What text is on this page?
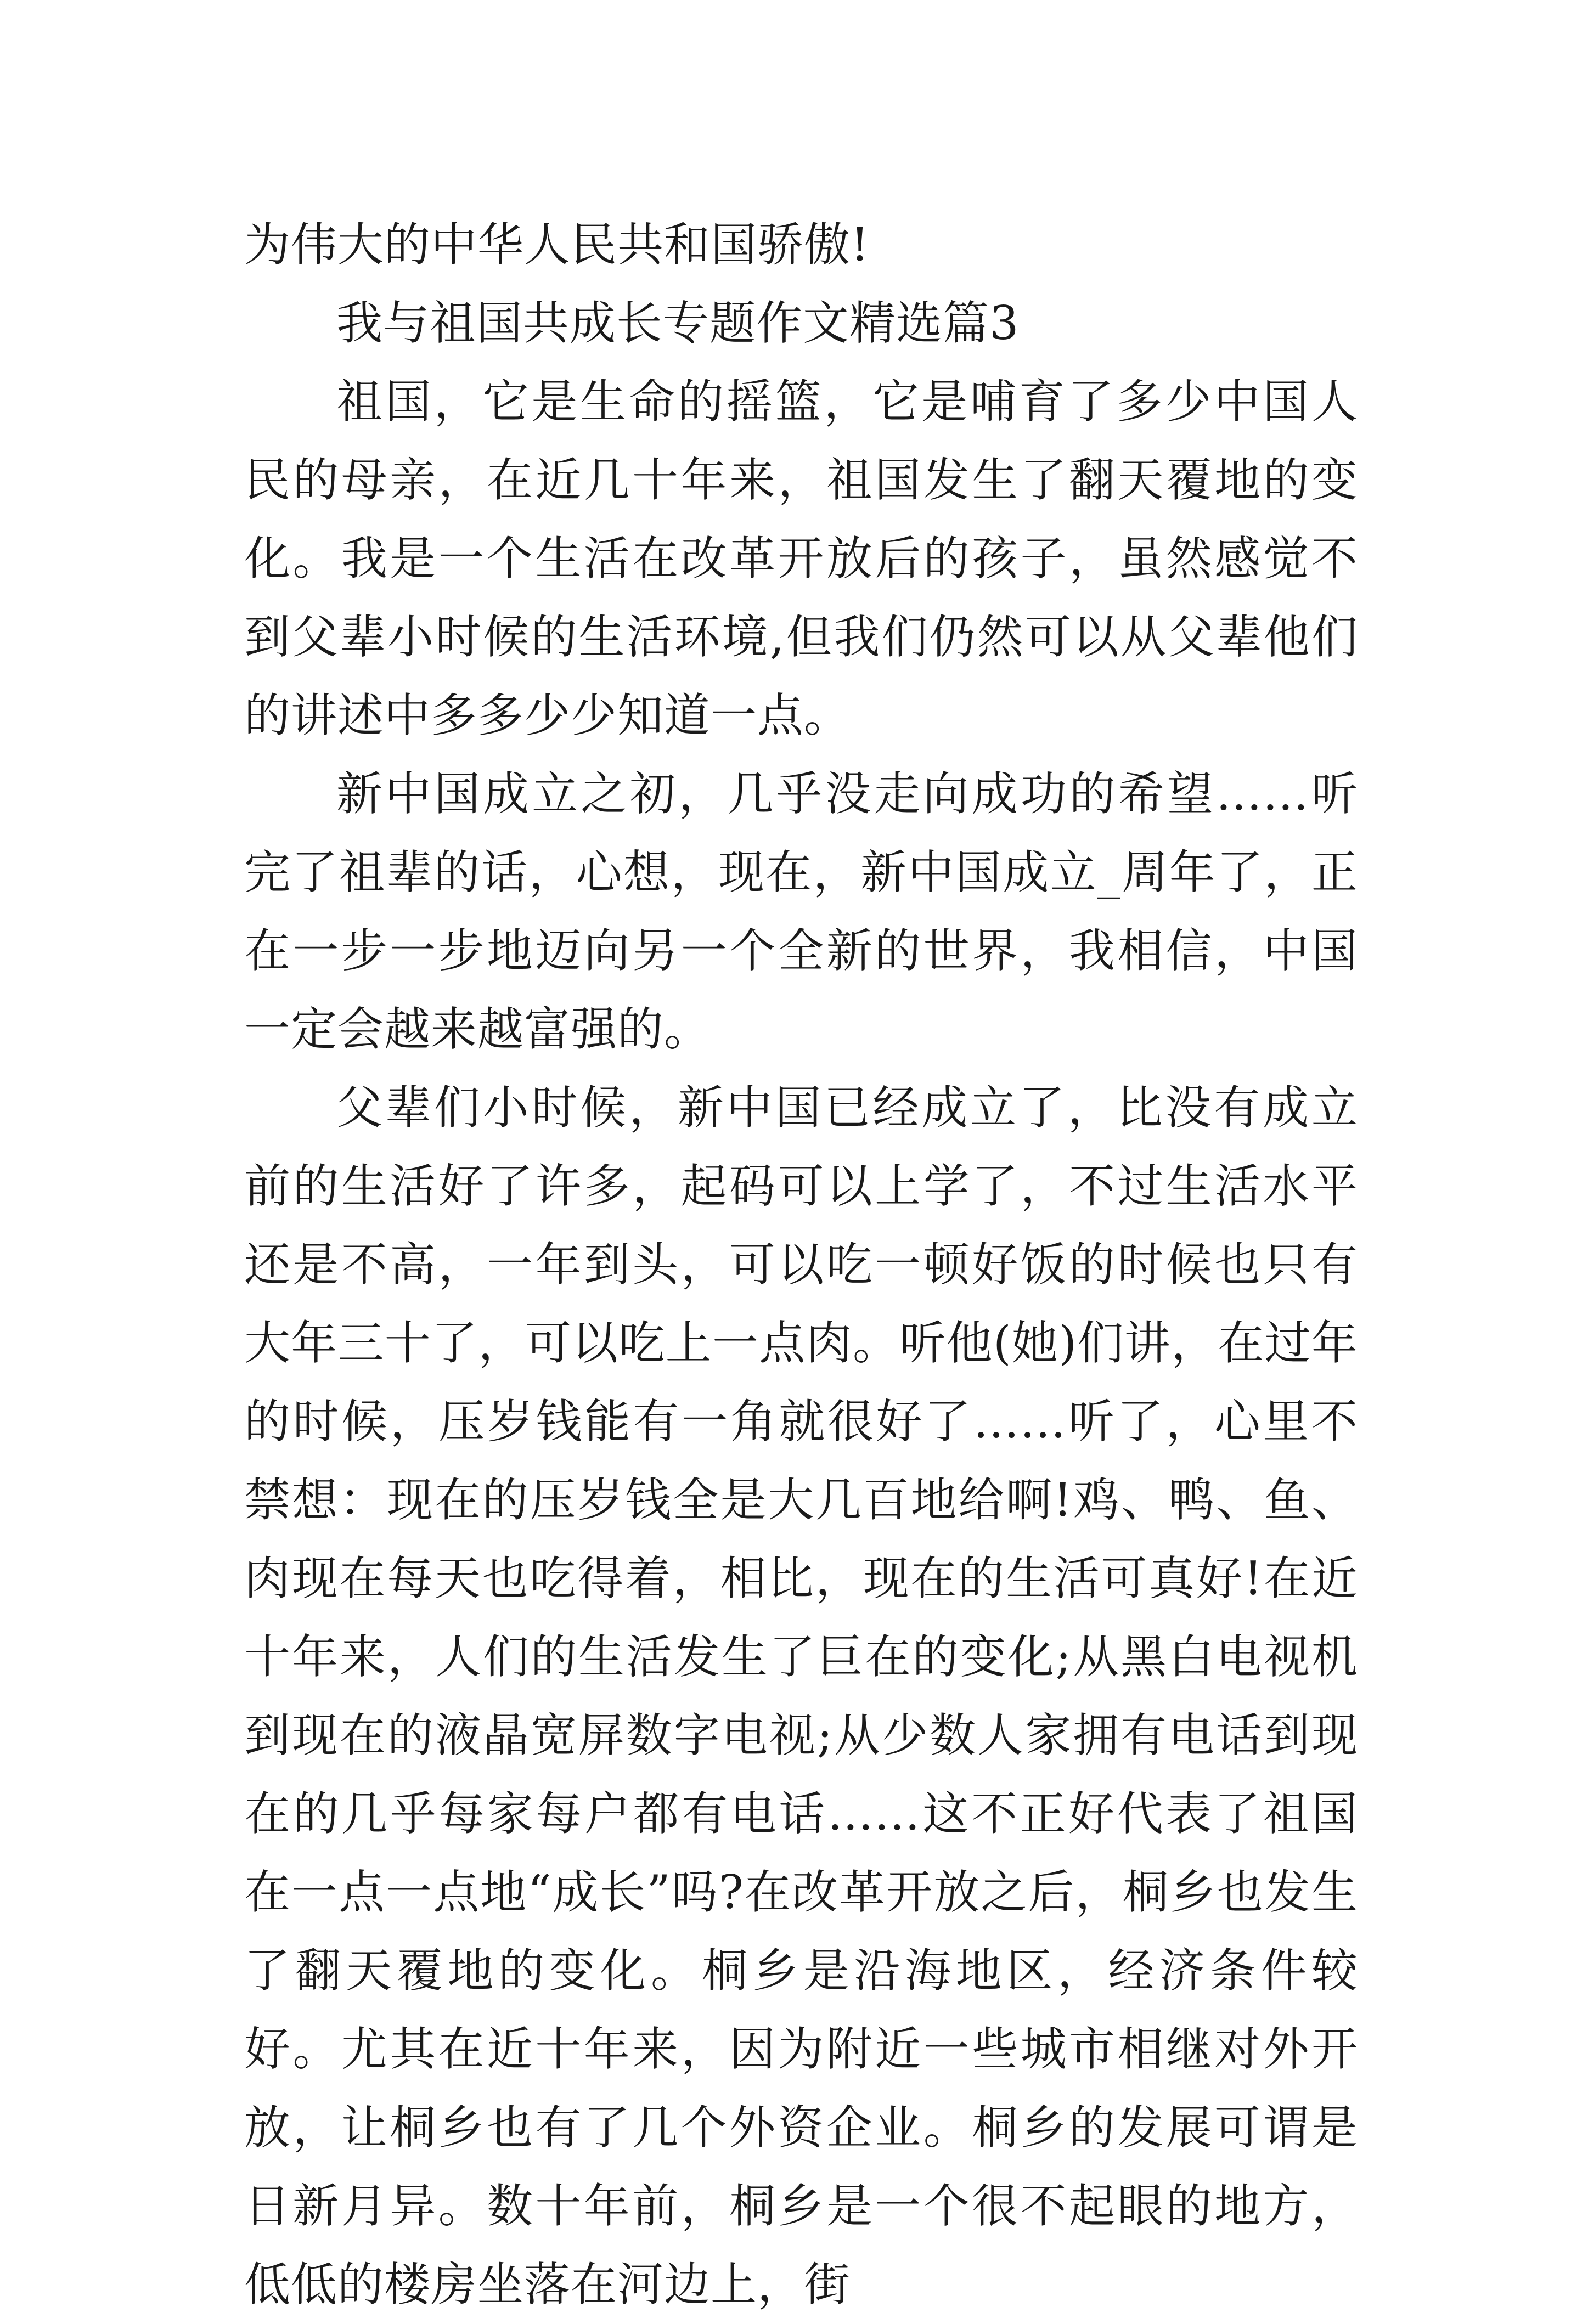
为伟大的中华人民共和国骄傲!

我与祖国共成长专题作文精选篇3

祖国，它是生命的摇篮，它是哺育了多少中国人民的母亲，在近几十年来，祖国发生了翻天覆地的变化。我是一个生活在改革开放后的孩子，虽然感觉不到父辈小时候的生活环境,但我们仍然可以从父辈他们的讲述中多多少少知道一点。

新中国成立之初，几乎没走向成功的希望……听完了祖辈的话，心想，现在，新中国成立_周年了，正在一步一步地迈向另一个全新的世界，我相信，中国一定会越来越富强的。

父辈们小时候，新中国已经成立了，比没有成立前的生活好了许多，起码可以上学了，不过生活水平还是不高，一年到头，可以吃一顿好饭的时候也只有大年三十了，可以吃上一点肉。听他(她)们讲，在过年的时候，压岁钱能有一角就很好了……听了，心里不禁想：现在的压岁钱全是大几百地给啊!鸡、鸭、鱼、肉现在每天也吃得着，相比，现在的生活可真好!在近十年来，人们的生活发生了巨在的变化;从黑白电视机到现在的液晶宽屏数字电视;从少数人家拥有电话到现在的几乎每家每户都有电话……这不正好代表了祖国在一点一点地“成长”吗?在改革开放之后，桐乡也发生了翻天覆地的变化。桐乡是沿海地区，经济条件较好。尤其在近十年来，因为附近一些城市相继对外开放，让桐乡也有了几个外资企业。桐乡的发展可谓是日新月异。数十年前，桐乡是一个很不起眼的地方，低低的楼房坐落在河边上，街
